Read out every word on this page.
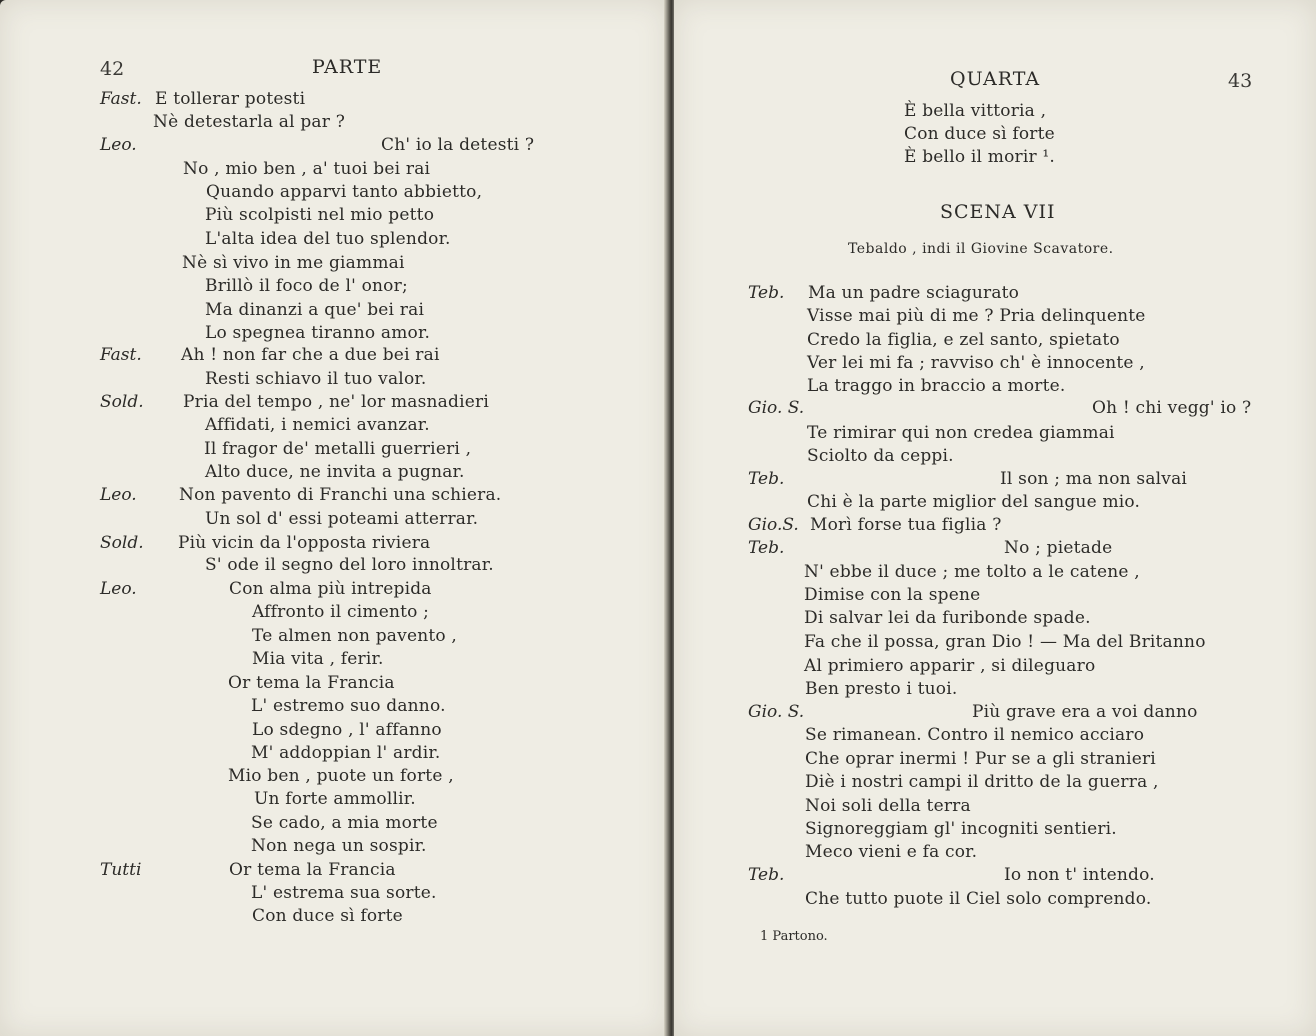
42	PARTE
Fast. E tollerar potesti
Nè detestarla al par ?
Leo.	Ch' io la detesti ?
No , mio ben , a' tuoi bei rai
Quando apparvi tanto abbietto,
Più scolpisti nel mio petto
L'alta idea del tuo splendor.
Nè sì vivo in me giammai
Brillò il foco de l' onor;
Ma dinanzi a que' bei rai
Lo spegnea tiranno amor.
Fast. Ah ! non far che a due bei rai
Resti schiavo il tuo valor.
Sold. Pria del tempo , ne' lor masnadieri
Affidati, i nemici avanzar.
Il fragor de' metalli guerrieri ,
Alto duce, ne invita a pugnar.
Leo. Non pavento di Franchi una schiera.
Un sol d' essi poteami atterrar.
Sold. Più vicin da l'opposta riviera
S' ode il segno del loro innoltrar.
Leo.	Con alma più intrepida
Affronto il cimento ;
Te almen non pavento ,
Mia vita , ferir.
Or tema la Francia
L' estremo suo danno.
Lo sdegno , l' affanno
M' addoppian l' ardir.
Mio ben , puote un forte ,
Un forte ammollir.
Se cado, a mia morte
Non nega un sospir.
Tutti	Or tema la Francia
L' estrema sua sorte.
Con duce sì forte
QUARTA	43
È bella vittoria ,
Con duce sì forte
È bello il morir ¹.
Teb. Ma un padre sciagurato
Visse mai più di me ? Pria delinquente
Credo la figlia, e zel santo, spietato
Ver lei mi fa ; ravviso ch' è innocente ,
La traggo in braccio a morte.
Gio. S.	Oh ! chi vegg' io ?
Te rimirar qui non credea giammai
Sciolto da ceppi.
Teb.	Il son ; ma non salvai
Chi è la parte miglior del sangue mio.
Gio.S. Morì forse tua figlia ?
Teb.	No ; pietade
N' ebbe il duce ; me tolto a le catene ,
Dimise con la spene
Di salvar lei da furibonde spade.
Fa che il possa, gran Dio ! — Ma del Britanno
Al primiero apparir , si dileguaro
Ben presto i tuoi.
Gio. S.	Più grave era a voi danno
Se rimanean. Contro il nemico acciaro
Che oprar inermi ! Pur se a gli stranieri
Diè i nostri campi il dritto de la guerra ,
Noi soli della terra
Signoreggiam gl' incogniti sentieri.
Meco vieni e fa cor.
Teb.	Io non t' intendo.
Che tutto puote il Ciel solo comprendo.
SCENA VII
Tebaldo , indi il Giovine Scavatore.
1 Partono.
